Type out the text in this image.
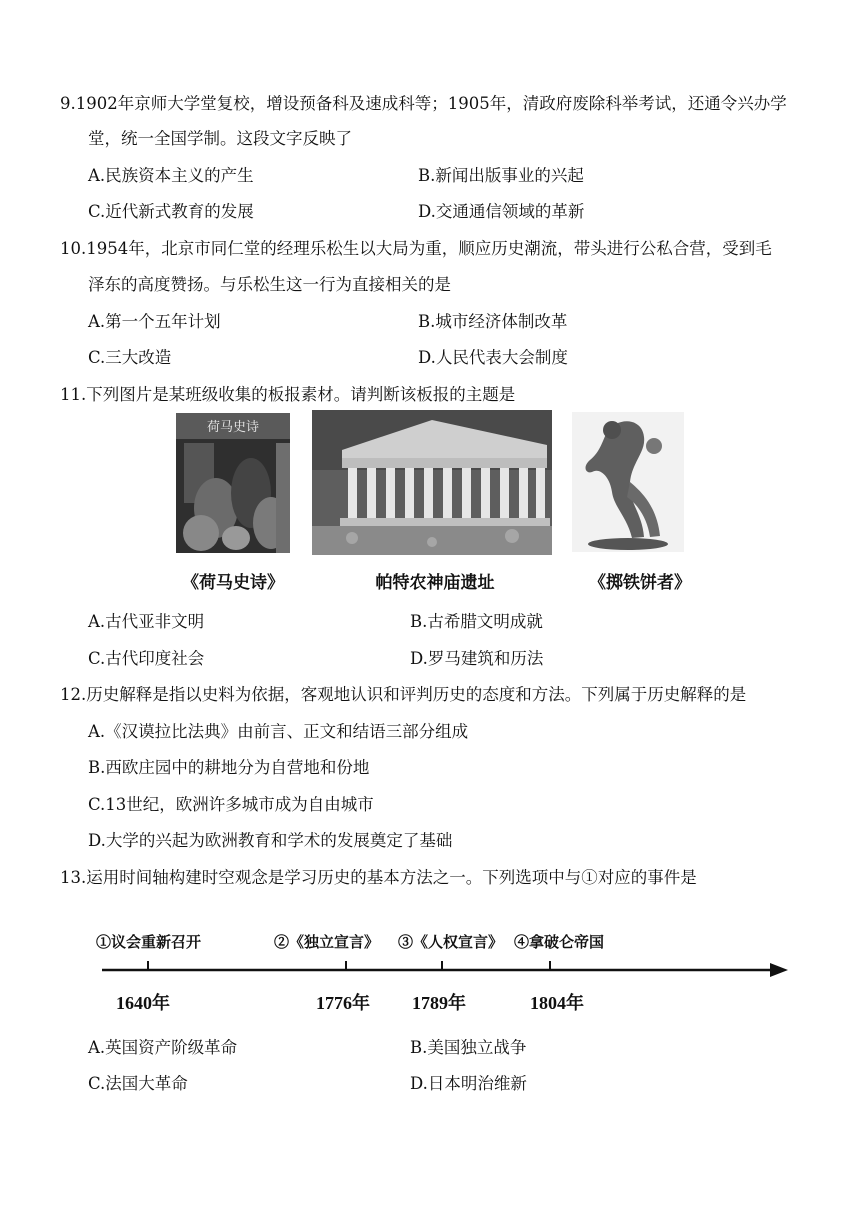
9.1902年京师大学堂复校，增设预备科及速成科等；1905年，清政府废除科举考试，还通令兴办学
堂，统一全国学制。这段文字反映了
A.民族资本主义的产生	B.新闻出版事业的兴起
C.近代新式教育的发展	D.交通通信领域的革新
10.1954年，北京市同仁堂的经理乐松生以大局为重，顺应历史潮流，带头进行公私合营，受到毛
泽东的高度赞扬。与乐松生这一行为直接相关的是
A.第一个五年计划	B.城市经济体制改革
C.三大改造	D.人民代表大会制度
11.下列图片是某班级收集的板报素材。请判断该板报的主题是
荷马史诗
《荷马史诗》	帕特农神庙遗址	《掷铁饼者》
A.古代亚非文明	B.古希腊文明成就
C.古代印度社会	D.罗马建筑和历法
12.历史解释是指以史料为依据，客观地认识和评判历史的态度和方法。下列属于历史解释的是
A.《汉谟拉比法典》由前言、正文和结语三部分组成
B.西欧庄园中的耕地分为自营地和份地
C.13世纪，欧洲许多城市成为自由城市
D.大学的兴起为欧洲教育和学术的发展奠定了基础
13.运用时间轴构建时空观念是学习历史的基本方法之一。下列选项中与①对应的事件是
①议会重新召开	②《独立宣言》 ③《人权宣言》 ④拿破仑帝国
1640年	1776年 1789年	1804年
A.英国资产阶级革命	B.美国独立战争
C.法国大革命	D.日本明治维新
